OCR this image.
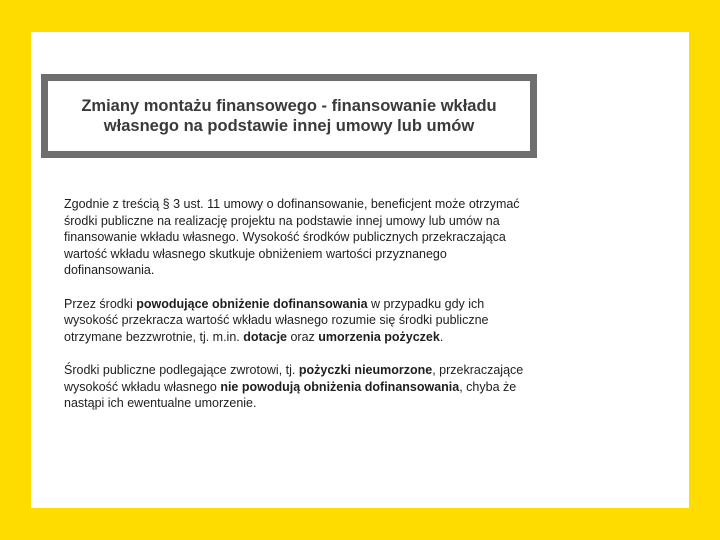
Zmiany montażu finansowego - finansowanie wkładu
własnego na podstawie innej umowy lub umów

Zgodnie z treścią § 3 ust. 11 umowy o dofinansowanie, beneficjent może otrzymać
środki publiczne na realizację projektu na podstawie innej umowy lub umów na
finansowanie wkładu własnego. Wysokość środków publicznych przekraczająca
wartość wkładu własnego skutkuje obniżeniem wartości przyznanego
dofinansowania.

Przez środki powodujące obniżenie dofinansowania w przypadku gdy ich
wysokość przekracza wartość wkładu własnego rozumie się środki publiczne
otrzymane bezzwrotnie, tj. m.in. dotacje oraz umorzenia pożyczek.

Środki publiczne podlegające zwrotowi, tj. pożyczki nieumorzone, przekraczające
wysokość wkładu własnego nie powodują obniżenia dofinansowania, chyba że
nastąpi ich ewentualne umorzenie.
